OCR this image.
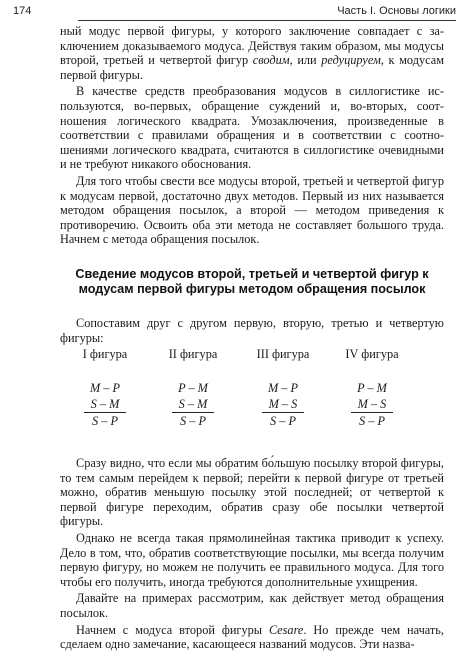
174	Часть I. Основы логики

ный модус первой фигуры, у которого заключение совпадает с заключением доказываемого модуса. Действуя таким образом, мы модусы второй, третьей и четвертой фигур сводим, или редуцируем, к модусам первой фигуры.

В качестве средств преобразования модусов в силлогистике используются, во-первых, обращение суждений и, во-вторых, соотношения логического квадрата. Умозаключения, произведенные в соответствии с правилами обращения и в соответствии с соотношениями логического квадрата, считаются в силлогистике очевидными и не требуют никакого обоснования.

Для того чтобы свести все модусы второй, третьей и четвертой фигур к модусам первой, достаточно двух методов. Первый из них называется методом обращения посылок, а второй — методом приведения к противоречию. Освоить оба эти метода не составляет большого труда. Начнем с метода обращения посылок.

Сведение модусов второй, третьей и четвертой фигур к модусам первой фигуры методом обращения посылок

Сопоставим друг с другом первую, вторую, третью и четвертую фигуры:

I фигура
M – P
S – M
S – P
II фигура
P – M
S – M
S – P
III фигура
M – P
M – S
S – P
IV фигура
P – M
M – S
S – P

Сразу видно, что если мы обратим бо́льшую посылку второй фигуры, то тем самым перейдем к первой; перейти к первой фигуре от третьей можно, обратив меньшую посылку этой последней; от четвертой к первой фигуре переходим, обратив сразу обе посылки четвертой фигуры.

Однако не всегда такая прямолинейная тактика приводит к успеху. Дело в том, что, обратив соответствующие посылки, мы всегда получим первую фигуру, но можем не получить ее правильного модуса. Для того чтобы его получить, иногда требуются дополнительные ухищрения.

Давайте на примерах рассмотрим, как действует метод обращения посылок.

Начнем с модуса второй фигуры Cesare. Но прежде чем начать, сделаем одно замечание, касающееся названий модусов. Эти назва-
